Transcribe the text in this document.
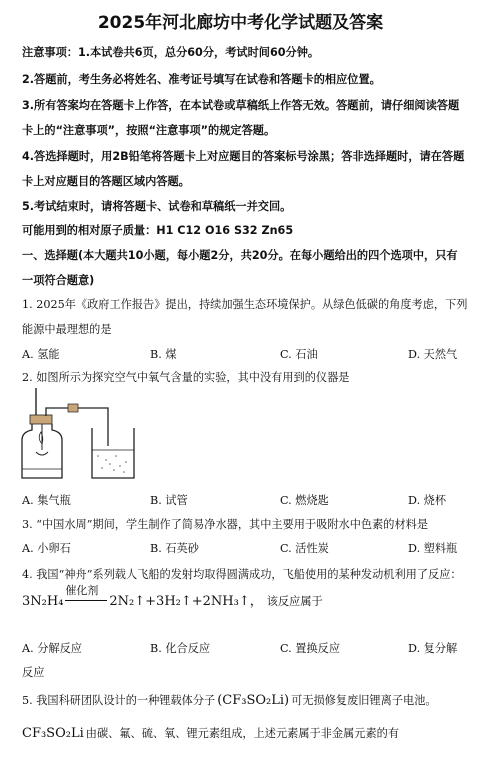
2025年河北廊坊中考化学试题及答案
注意事项：1.本试卷共6页，总分60分，考试时间60分钟。
2.答题前，考生务必将姓名、准考证号填写在试卷和答题卡的相应位置。
3.所有答案均在答题卡上作答，在本试卷或草稿纸上作答无效。答题前，请仔细阅读答题
卡上的“注意事项”，按照“注意事项”的规定答题。
4.答选择题时，用2B铅笔将答题卡上对应题目的答案标号涂黑；答非选择题时，请在答题
卡上对应题目的答题区域内答题。
5.考试结束时，请将答题卡、试卷和草稿纸一并交回。
可能用到的相对原子质量：H1 C12 O16 S32 Zn65
一、选择题(本大题共10小题，每小题2分，共20分。在每小题给出的四个选项中，只有
一项符合题意)
1. 2025年《政府工作报告》提出，持续加强生态环境保护。从绿色低碳的角度考虑，下列
能源中最理想的是
A. 氢能	B. 煤	C. 石油	D. 天然气
2. 如图所示为探究空气中氧气含量的实验，其中没有用到的仪器是
A. 集气瓶	B. 试管	C. 燃烧匙	D. 烧杯
3. “中国水周”期间，学生制作了简易净水器，其中主要用于吸附水中色素的材料是
A. 小卵石	B. 石英砂	C. 活性炭	D. 塑料瓶
4. 我国“神舟”系列载人飞船的发射均取得圆满成功，飞船使用的某种发动机利用了反应：
3N₂H₄
催化剂
2N₂↑+3H₂↑+2NH₃↑， 该反应属于
A. 分解反应	B. 化合反应	C. 置换反应	D. 复分解
反应
5. 我国科研团队设计的一种锂载体分子 (CF₃SO₂Li) 可无损修复废旧锂离子电池。
CF₃SO₂Li 由碳、氟、硫、氧、锂元素组成，上述元素属于非金属元素的有
